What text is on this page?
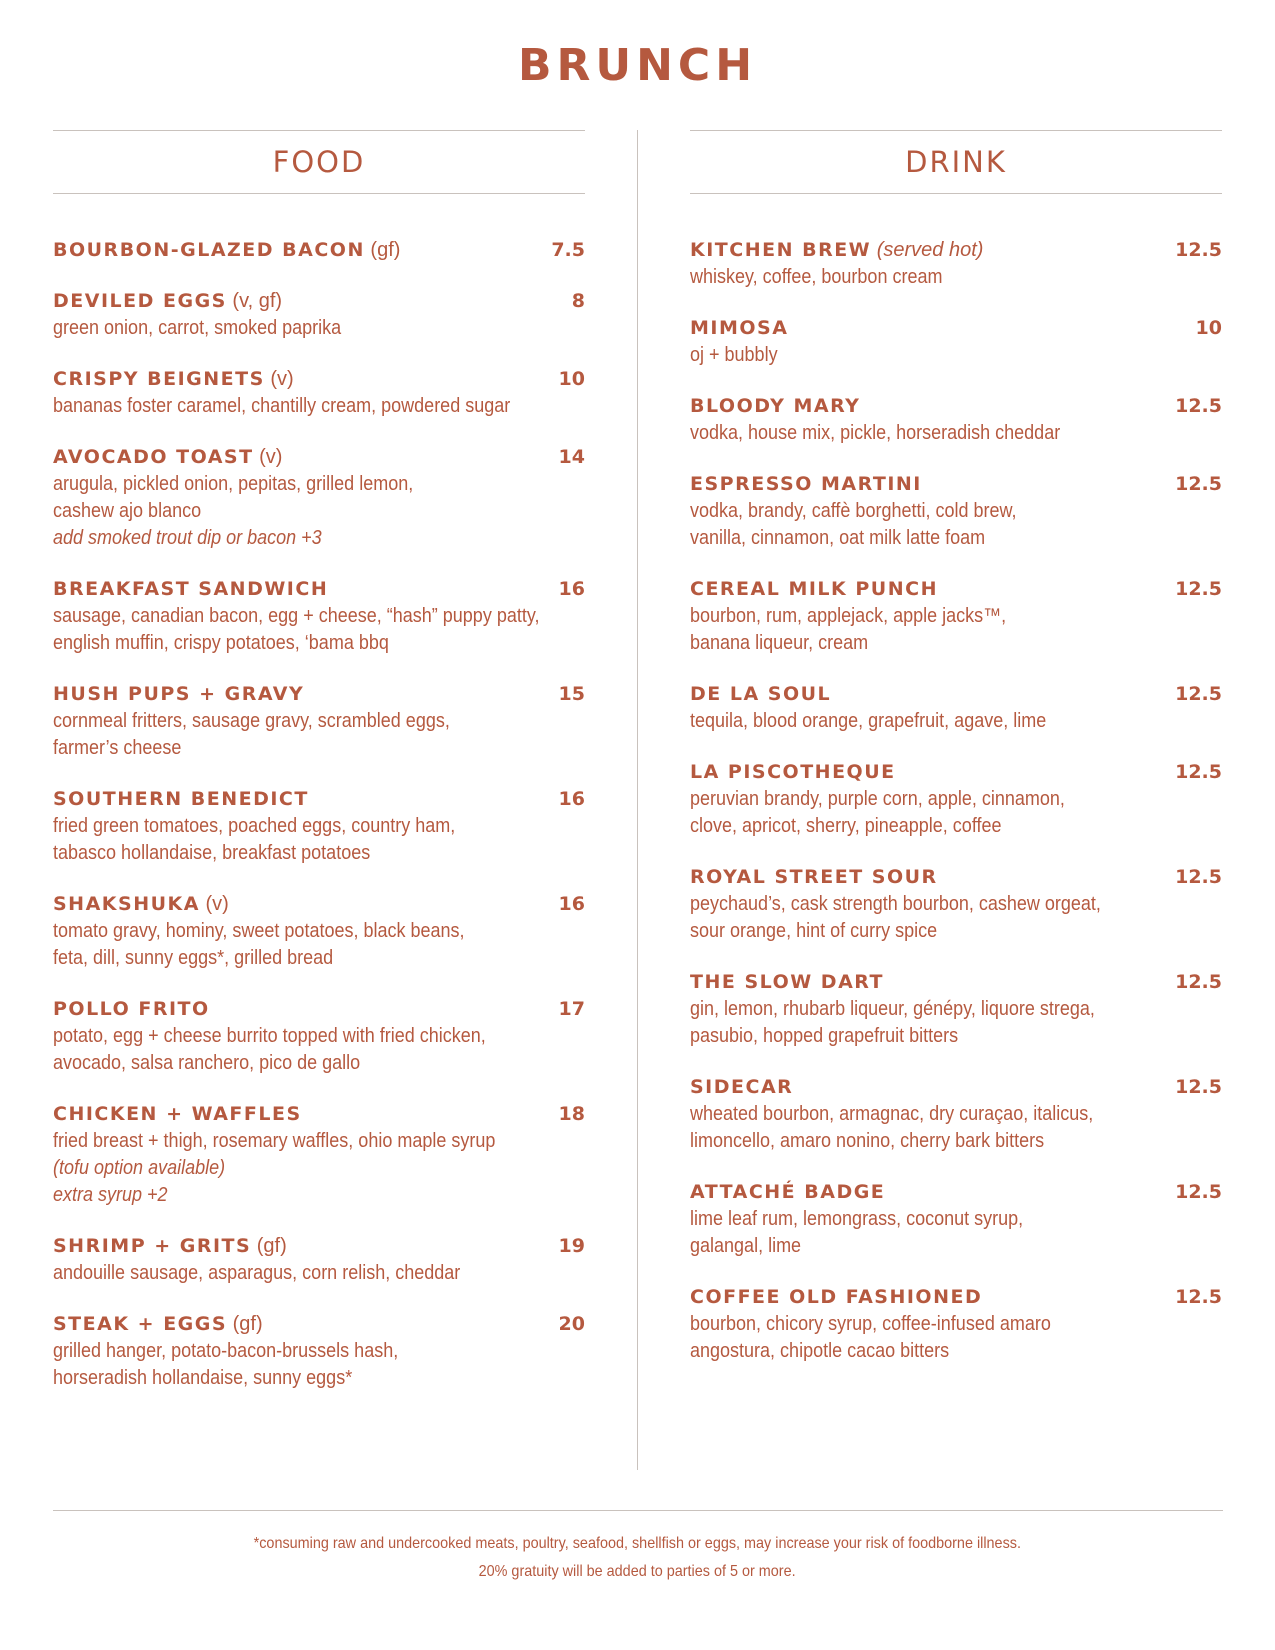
BRUNCH
FOOD
BOURBON-GLAZED BACON (gf)	7.5
DEVILED EGGS (v, gf)	8
green onion, carrot, smoked paprika
CRISPY BEIGNETS (v)	10
bananas foster caramel, chantilly cream, powdered sugar
AVOCADO TOAST (v)	14
arugula, pickled onion, pepitas, grilled lemon,
cashew ajo blanco
add smoked trout dip or bacon +3
BREAKFAST SANDWICH	16
sausage, canadian bacon, egg + cheese, “hash” puppy patty,
english muffin, crispy potatoes, ‘bama bbq
HUSH PUPS + GRAVY	15
cornmeal fritters, sausage gravy, scrambled eggs,
farmer’s cheese
SOUTHERN BENEDICT	16
fried green tomatoes, poached eggs, country ham,
tabasco hollandaise, breakfast potatoes
SHAKSHUKA (v)	16
tomato gravy, hominy, sweet potatoes, black beans,
feta, dill, sunny eggs*, grilled bread
POLLO FRITO	17
potato, egg + cheese burrito topped with fried chicken,
avocado, salsa ranchero, pico de gallo
CHICKEN + WAFFLES	18
fried breast + thigh, rosemary waffles, ohio maple syrup
(tofu option available)
extra syrup +2
SHRIMP + GRITS (gf)	19
andouille sausage, asparagus, corn relish, cheddar
STEAK + EGGS (gf)	20
grilled hanger, potato-bacon-brussels hash,
horseradish hollandaise, sunny eggs*
DRINK
KITCHEN BREW (served hot)	12.5
whiskey, coffee, bourbon cream
MIMOSA	10
oj + bubbly
BLOODY MARY	12.5
vodka, house mix, pickle, horseradish cheddar
ESPRESSO MARTINI	12.5
vodka, brandy, caffè borghetti, cold brew,
vanilla, cinnamon, oat milk latte foam
CEREAL MILK PUNCH	12.5
bourbon, rum, applejack, apple jacks™,
banana liqueur, cream
DE LA SOUL	12.5
tequila, blood orange, grapefruit, agave, lime
LA PISCOTHEQUE	12.5
peruvian brandy, purple corn, apple, cinnamon,
clove, apricot, sherry, pineapple, coffee
ROYAL STREET SOUR	12.5
peychaud’s, cask strength bourbon, cashew orgeat,
sour orange, hint of curry spice
THE SLOW DART	12.5
gin, lemon, rhubarb liqueur, génépy, liquore strega,
pasubio, hopped grapefruit bitters
SIDECAR	12.5
wheated bourbon, armagnac, dry curaçao, italicus,
limoncello, amaro nonino, cherry bark bitters
ATTACHÉ BADGE	12.5
lime leaf rum, lemongrass, coconut syrup,
galangal, lime
COFFEE OLD FASHIONED	12.5
bourbon, chicory syrup, coffee-infused amaro
angostura, chipotle cacao bitters
*consuming raw and undercooked meats, poultry, seafood, shellfish or eggs, may increase your risk of foodborne illness.
20% gratuity will be added to parties of 5 or more.
